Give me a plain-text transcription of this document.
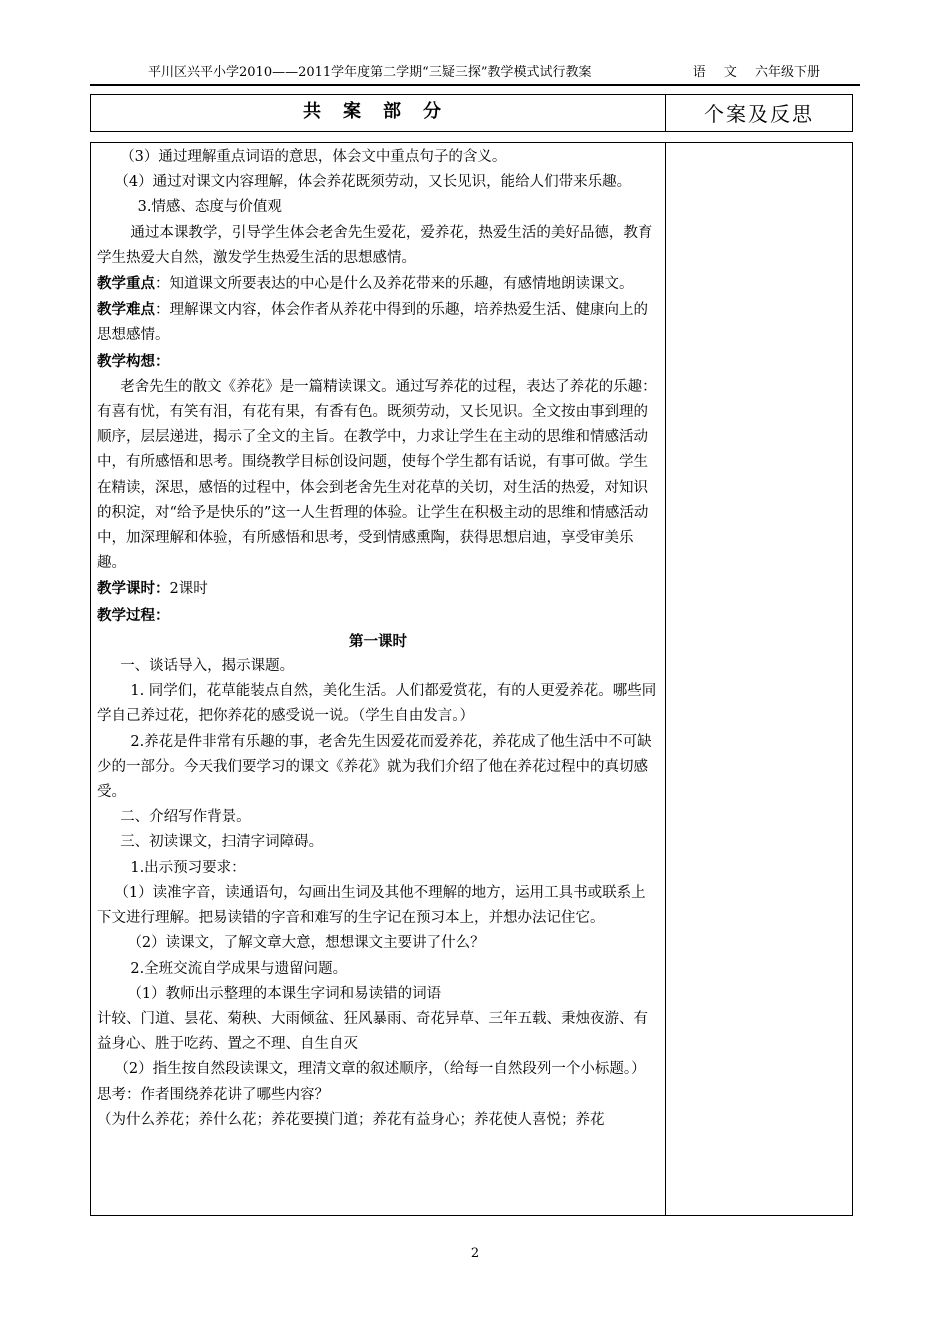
平川区兴平小学2010——2011学年度第二学期“三疑三探”教学模式试行教案	语 文 六年级下册
共案部分	个案及反思

（3）通过理解重点词语的意思，体会文中重点句子的含义。

（4）通过对课文内容理解，体会养花既须劳动，又长见识，能给人们带来乐趣。

3.情感、态度与价值观

通过本课教学，引导学生体会老舍先生爱花，爱养花，热爱生活的美好品德，教育学生热爱大自然，激发学生热爱生活的思想感情。

教学重点：知道课文所要表达的中心是什么及养花带来的乐趣，有感情地朗读课文。

教学难点：理解课文内容，体会作者从养花中得到的乐趣，培养热爱生活、健康向上的思想感情。

教学构想：

老舍先生的散文《养花》是一篇精读课文。通过写养花的过程，表达了养花的乐趣：有喜有忧，有笑有泪，有花有果，有香有色。既须劳动，又长见识。全文按由事到理的顺序，层层递进，揭示了全文的主旨。在教学中，力求让学生在主动的思维和情感活动中，有所感悟和思考。围绕教学目标创设问题，使每个学生都有话说，有事可做。学生在精读，深思，感悟的过程中，体会到老舍先生对花草的关切，对生活的热爱，对知识的积淀，对“给予是快乐的”这一人生哲理的体验。让学生在积极主动的思维和情感活动中，加深理解和体验，有所感悟和思考，受到情感熏陶，获得思想启迪，享受审美乐趣。

教学课时：2课时

教学过程：

第一课时

一、谈话导入，揭示课题。

1. 同学们，花草能装点自然，美化生活。人们都爱赏花，有的人更爱养花。哪些同学自己养过花，把你养花的感受说一说。（学生自由发言。）

2.养花是件非常有乐趣的事，老舍先生因爱花而爱养花，养花成了他生活中不可缺少的一部分。今天我们要学习的课文《养花》就为我们介绍了他在养花过程中的真切感受。

二、介绍写作背景。

三、初读课文，扫清字词障碍。

1.出示预习要求：

（1）读准字音，读通语句，勾画出生词及其他不理解的地方，运用工具书或联系上下文进行理解。把易读错的字音和难写的生字记在预习本上，并想办法记住它。

（2）读课文，了解文章大意，想想课文主要讲了什么？

2.全班交流自学成果与遗留问题。

（1）教师出示整理的本课生字词和易读错的词语

计较、门道、昙花、菊秧、大雨倾盆、狂风暴雨、奇花异草、三年五载、秉烛夜游、有益身心、胜于吃药、置之不理、自生自灭

（2）指生按自然段读课文，理清文章的叙述顺序，（给每一自然段列一个小标题。）

思考：作者围绕养花讲了哪些内容？

（为什么养花；养什么花；养花要摸门道；养花有益身心；养花使人喜悦；养花

2
